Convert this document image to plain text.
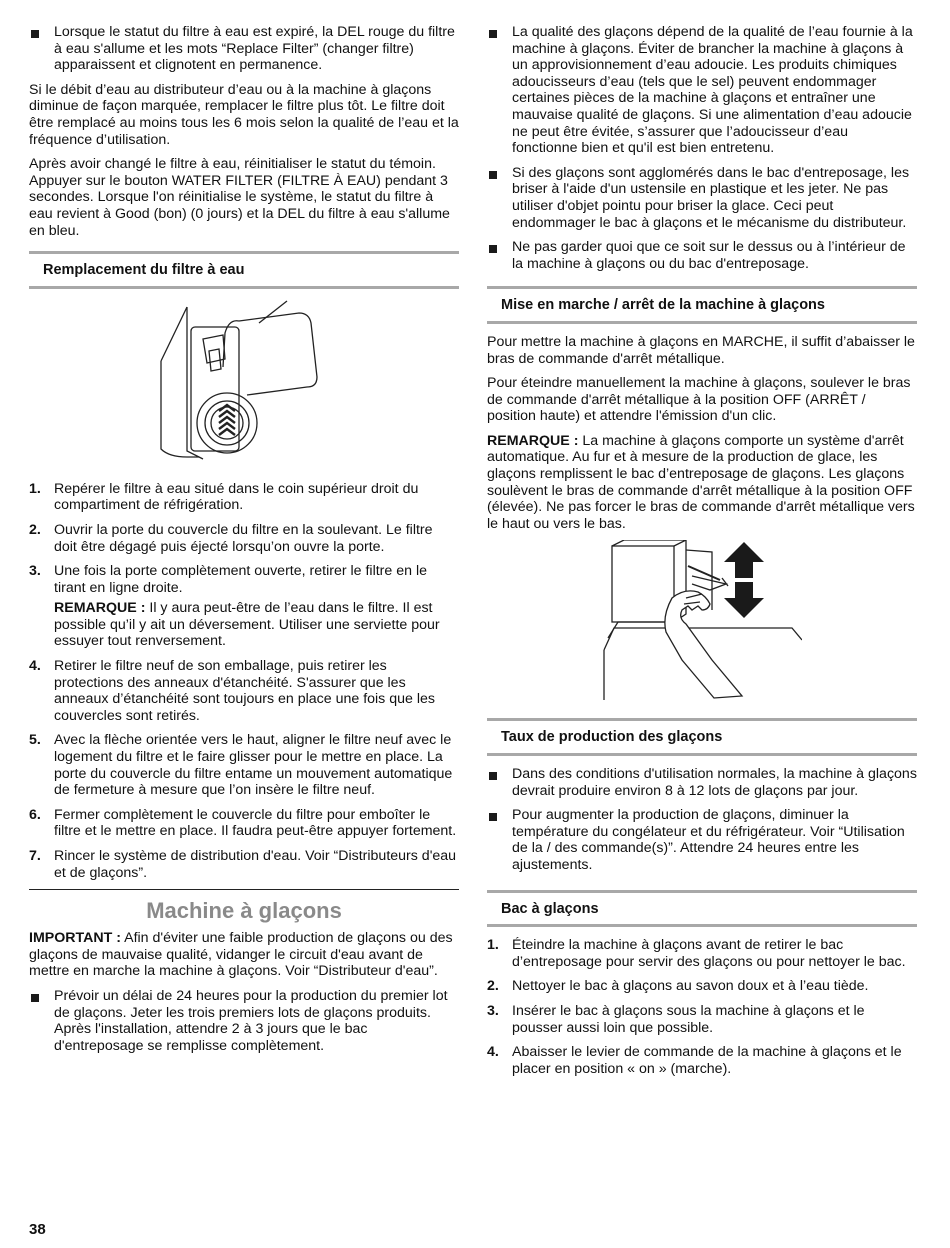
Lorsque le statut du filtre à eau est expiré, la DEL rouge du filtre à eau s'allume et les mots “Replace Filter” (changer filtre) apparaissent et clignotent en permanence.

Si le débit d’eau au distributeur d’eau ou à la machine à glaçons diminue de façon marquée, remplacer le filtre plus tôt. Le filtre doit être remplacé au moins tous les 6 mois selon la qualité de l’eau et la fréquence d’utilisation.

Après avoir changé le filtre à eau, réinitialiser le statut du témoin. Appuyer sur le bouton WATER FILTER (FILTRE À EAU) pendant 3 secondes. Lorsque l'on réinitialise le système, le statut du filtre à eau revient à Good (bon) (0 jours) et la DEL du filtre à eau s'allume en bleu.

Remplacement du filtre à eau
1. Repérer le filtre à eau situé dans le coin supérieur droit du compartiment de réfrigération.
2. Ouvrir la porte du couvercle du filtre en la soulevant. Le filtre doit être dégagé puis éjecté lorsqu’on ouvre la porte.
3. Une fois la porte complètement ouverte, retirer le filtre en le tirant en ligne droite.
REMARQUE : Il y aura peut-être de l’eau dans le filtre. Il est possible qu’il y ait un déversement. Utiliser une serviette pour essuyer tout renversement.
4. Retirer le filtre neuf de son emballage, puis retirer les protections des anneaux d'étanchéité. S'assurer que les anneaux d’étanchéité sont toujours en place une fois que les couvercles sont retirés.
5. Avec la flèche orientée vers le haut, aligner le filtre neuf avec le logement du filtre et le faire glisser pour le mettre en place. La porte du couvercle du filtre entame un mouvement automatique de fermeture à mesure que l’on insère le filtre neuf.
6. Fermer complètement le couvercle du filtre pour emboîter le filtre et le mettre en place. Il faudra peut-être appuyer fortement.
7. Rincer le système de distribution d'eau. Voir “Distributeurs d'eau et de glaçons”.
Machine à glaçons

IMPORTANT : Afin d'éviter une faible production de glaçons ou des glaçons de mauvaise qualité, vidanger le circuit d'eau avant de mettre en marche la machine à glaçons. Voir “Distributeur d'eau”.

Prévoir un délai de 24 heures pour la production du premier lot de glaçons. Jeter les trois premiers lots de glaçons produits. Après l'installation, attendre 2 à 3 jours que le bac d'entreposage se remplisse complètement.
La qualité des glaçons dépend de la qualité de l’eau fournie à la machine à glaçons. Éviter de brancher la machine à glaçons à un approvisionnement d’eau adoucie. Les produits chimiques adoucisseurs d’eau (tels que le sel) peuvent endommager certaines pièces de la machine à glaçons et entraîner une mauvaise qualité de glaçons. Si une alimentation d’eau adoucie ne peut être évitée, s’assurer que l’adoucisseur d’eau fonctionne bien et qu'il est bien entretenu.
Si des glaçons sont agglomérés dans le bac d'entreposage, les briser à l'aide d'un ustensile en plastique et les jeter. Ne pas utiliser d'objet pointu pour briser la glace. Ceci peut endommager le bac à glaçons et le mécanisme du distributeur.
Ne pas garder quoi que ce soit sur le dessus ou à l’intérieur de la machine à glaçons ou du bac d'entreposage.
Mise en marche / arrêt de la machine à glaçons

Pour mettre la machine à glaçons en MARCHE, il suffit d’abaisser le bras de commande d'arrêt métallique.

Pour éteindre manuellement la machine à glaçons, soulever le bras de commande d'arrêt métallique à la position OFF (ARRÊT / position haute) et attendre l'émission d'un clic.

REMARQUE : La machine à glaçons comporte un système d'arrêt automatique. Au fur et à mesure de la production de glace, les glaçons remplissent le bac d’entreposage de glaçons. Les glaçons soulèvent le bras de commande d'arrêt métallique à la position OFF (élevée). Ne pas forcer le bras de commande d'arrêt métallique vers le haut ou vers le bas.

Taux de production des glaçons
Dans des conditions d'utilisation normales, la machine à glaçons devrait produire environ 8 à 12 lots de glaçons par jour.
Pour augmenter la production de glaçons, diminuer la température du congélateur et du réfrigérateur. Voir “Utilisation de la / des commande(s)”. Attendre 24 heures entre les ajustements.
Bac à glaçons
1. Éteindre la machine à glaçons avant de retirer le bac d’entreposage pour servir des glaçons ou pour nettoyer le bac.
2. Nettoyer le bac à glaçons au savon doux et à l’eau tiède.
3. Insérer le bac à glaçons sous la machine à glaçons et le pousser aussi loin que possible.
4. Abaisser le levier de commande de la machine à glaçons et le placer en position « on » (marche).
38
